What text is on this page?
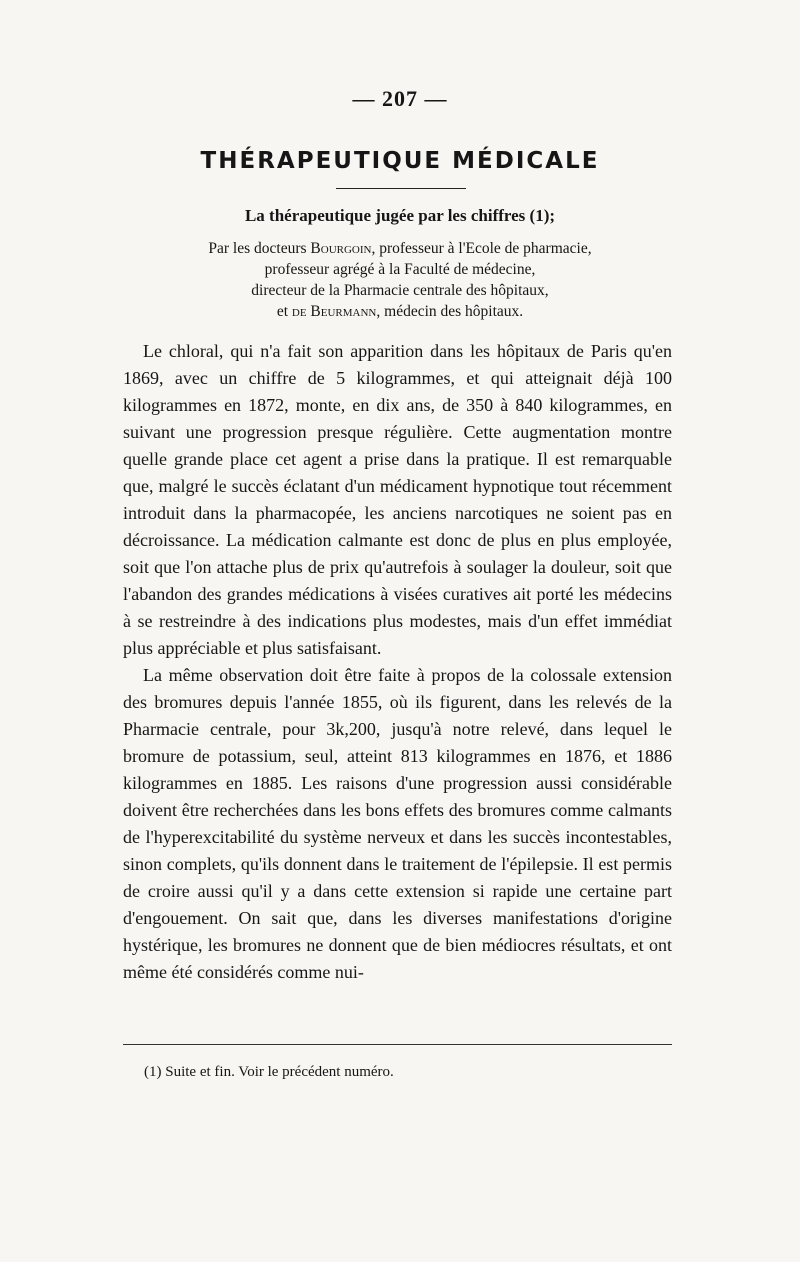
— 207 —
THÉRAPEUTIQUE MÉDICALE
La thérapeutique jugée par les chiffres (1);

Par les docteurs Bourgoin, professeur à l'Ecole de pharmacie,

professeur agrégé à la Faculté de médecine,

directeur de la Pharmacie centrale des hôpitaux,

et de Beurmann, médecin des hôpitaux.

Le chloral, qui n'a fait son apparition dans les hôpitaux de Paris qu'en 1869, avec un chiffre de 5 kilogrammes, et qui atteignait déjà 100 kilogrammes en 1872, monte, en dix ans, de 350 à 840 kilogrammes, en suivant une progression presque régulière. Cette augmentation montre quelle grande place cet agent a prise dans la pratique. Il est remarquable que, malgré le succès éclatant d'un médicament hypnotique tout récemment introduit dans la pharmacopée, les anciens narcotiques ne soient pas en décroissance. La médication calmante est donc de plus en plus employée, soit que l'on attache plus de prix qu'autrefois à soulager la douleur, soit que l'abandon des grandes médications à visées curatives ait porté les médecins à se restreindre à des indications plus modestes, mais d'un effet immédiat plus appréciable et plus satisfaisant.

La même observation doit être faite à propos de la colossale extension des bromures depuis l'année 1855, où ils figurent, dans les relevés de la Pharmacie centrale, pour 3k,200, jusqu'à notre relevé, dans lequel le bromure de potassium, seul, atteint 813 kilogrammes en 1876, et 1886 kilogrammes en 1885. Les raisons d'une progression aussi considérable doivent être recherchées dans les bons effets des bromures comme calmants de l'hyperexcitabilité du système nerveux et dans les succès incontestables, sinon complets, qu'ils donnent dans le traitement de l'épilepsie. Il est permis de croire aussi qu'il y a dans cette extension si rapide une certaine part d'engouement. On sait que, dans les diverses manifestations d'origine hystérique, les bromures ne donnent que de bien médiocres résultats, et ont même été considérés comme nui-

(1) Suite et fin. Voir le précédent numéro.
